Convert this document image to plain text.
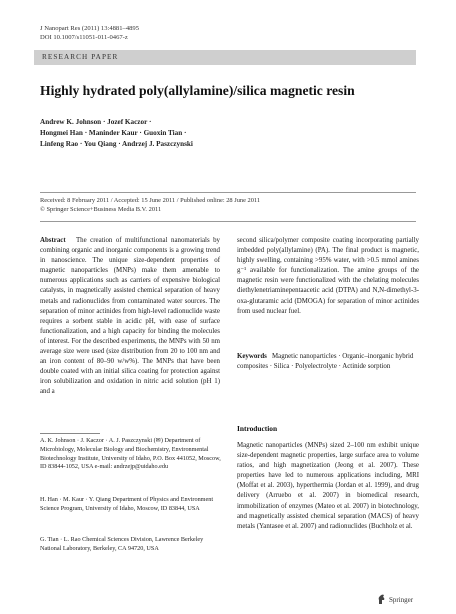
J Nanopart Res (2011) 13:4881–4895
DOI 10.1007/s11051-011-0467-z
RESEARCH PAPER
Highly hydrated poly(allylamine)/silica magnetic resin
Andrew K. Johnson · Jozef Kaczor ·
Hongmei Han · Maninder Kaur · Guoxin Tian ·
Linfeng Rao · You Qiang · Andrzej J. Paszczynski
Received: 8 February 2011 / Accepted: 15 June 2011 / Published online: 28 June 2011
© Springer Science+Business Media B.V. 2011
Abstract The creation of multifunctional nanomaterials by combining organic and inorganic components is a growing trend in nanoscience. The unique size-dependent properties of magnetic nanoparticles (MNPs) make them amenable to numerous applications such as carriers of expensive biological catalysts, in magnetically assisted chemical separation of heavy metals and radionuclides from contaminated water sources. The separation of minor actinides from high-level radionuclide waste requires a sorbent stable in acidic pH, with ease of surface functionalization, and a high capacity for binding the molecules of interest. For the described experiments, the MNPs with 50 nm average size were used (size distribution from 20 to 100 nm and an iron content of 80–90 w/w%). The MNPs that have been double coated with an initial silica coating for protection against iron solubilization and oxidation in nitric acid solution (pH 1) and a
second silica/polymer composite coating incorporating partially imbedded poly(allylamine) (PA). The final product is magnetic, highly swelling, containing >95% water, with >0.5 mmol amines g⁻¹ available for functionalization. The amine groups of the magnetic resin were functionalized with the chelating molecules diethylenetriaminepentaacetic acid (DTPA) and N,N-dimethyl-3-oxa-glutaramic acid (DMOGA) for separation of minor actinides from used nuclear fuel.
Keywords Magnetic nanoparticles · Organic–inorganic hybrid composites · Silica · Polyelectrolyte · Actinide sorption
A. K. Johnson · J. Kaczor · A. J. Paszczynski (✉) Department of Microbiology, Molecular Biology and Biochemistry, Environmental Biotechnology Institute, University of Idaho, P.O. Box 441052, Moscow, ID 83844-1052, USA e-mail: andrzejp@uidaho.edu
H. Han · M. Kaur · Y. Qiang Department of Physics and Environment Science Program, University of Idaho, Moscow, ID 83844, USA
G. Tian · L. Rao Chemical Sciences Division, Lawrence Berkeley National Laboratory, Berkeley, CA 94720, USA
Introduction
Magnetic nanoparticles (MNPs) sized 2–100 nm exhibit unique size-dependent magnetic properties, large surface area to volume ratios, and high magnetization (Jeong et al. 2007). These properties have led to numerous applications including, MRI (Moffat et al. 2003), hyperthermia (Jordan et al. 1999), and drug delivery (Arruebo et al. 2007) in biomedical research, immobilization of enzymes (Mateo et al. 2007) in biotechnology, and magnetically assisted chemical separation (MACS) of heavy metals (Yantasee et al. 2007) and radionuclides (Buchholz et al.
Springer
